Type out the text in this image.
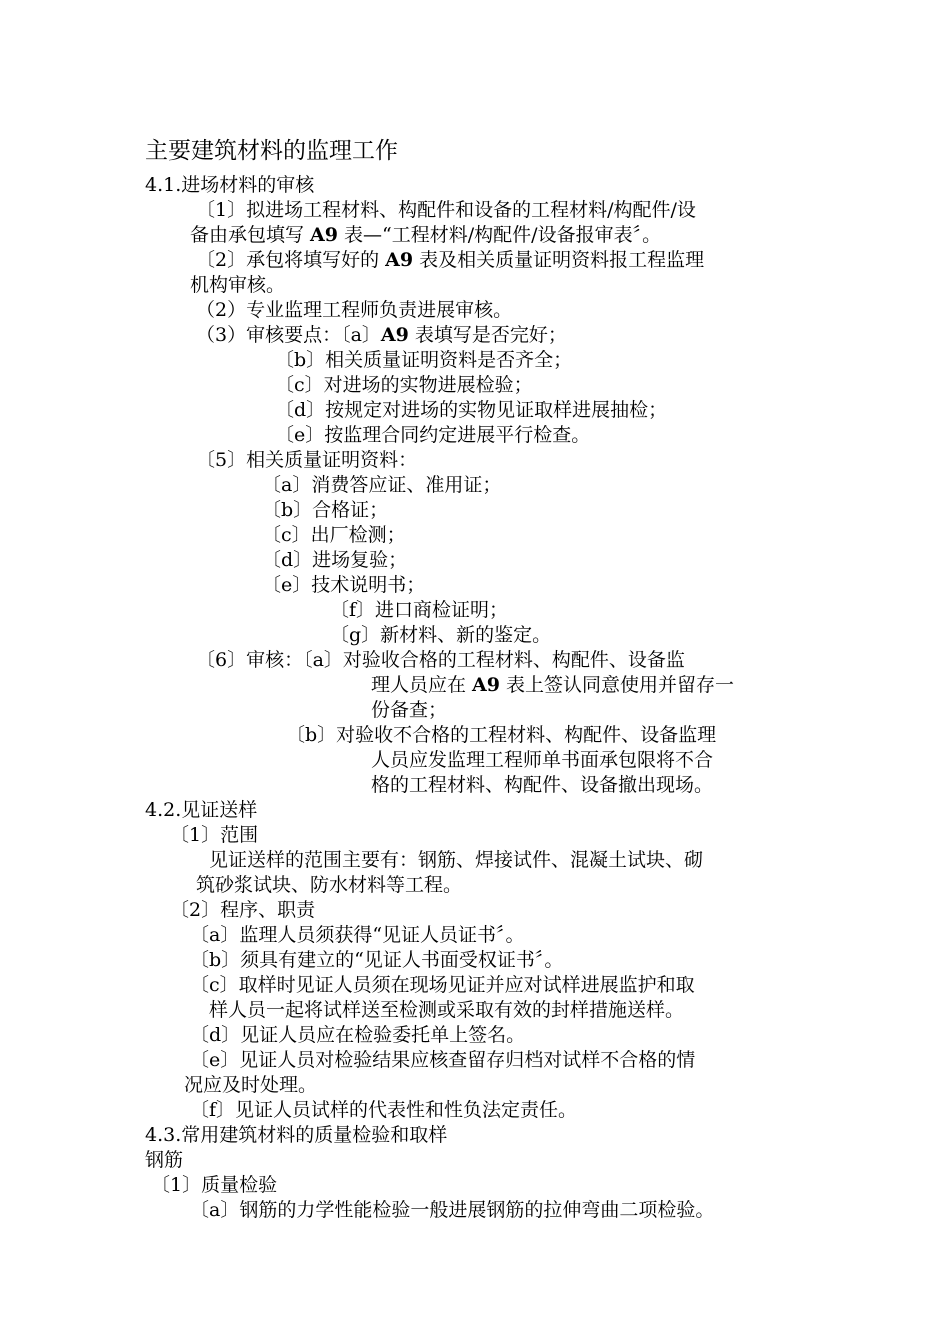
主要建筑材料的监理工作
4.1.进场材料的审核
〔1〕拟进场工程材料、构配件和设备的工程材料/构配件/设
备由承包填写 A9 表—“工程材料/构配件/设备报审表〞。
〔2〕承包将填写好的 A9 表及相关质量证明资料报工程监理
机构审核。
（2）专业监理工程师负责进展审核。
（3）审核要点：〔a〕A9 表填写是否完好；
〔b〕相关质量证明资料是否齐全；
〔c〕对进场的实物进展检验；
〔d〕按规定对进场的实物见证取样进展抽检；
〔e〕按监理合同约定进展平行检查。
〔5〕相关质量证明资料：
〔a〕消费答应证、准用证；
〔b〕合格证；
〔c〕出厂检测；
〔d〕进场复验；
〔e〕技术说明书；
〔f〕进口商检证明；
〔g〕新材料、新的鉴定。
〔6〕审核：〔a〕对验收合格的工程材料、构配件、设备监
理人员应在 A9 表上签认同意使用并留存一
份备查；
〔b〕对验收不合格的工程材料、构配件、设备监理
人员应发监理工程师单书面承包限将不合
格的工程材料、构配件、设备撤出现场。
4.2.见证送样
〔1〕范围
见证送样的范围主要有：钢筋、焊接试件、混凝土试块、砌
筑砂浆试块、防水材料等工程。
〔2〕程序、职责
〔a〕监理人员须获得“见证人员证书〞。
〔b〕须具有建立的“见证人书面受权证书〞。
〔c〕取样时见证人员须在现场见证并应对试样进展监护和取
样人员一起将试样送至检测或采取有效的封样措施送样。
〔d〕见证人员应在检验委托单上签名。
〔e〕见证人员对检验结果应核查留存归档对试样不合格的情
况应及时处理。
〔f〕见证人员试样的代表性和性负法定责任。
4.3.常用建筑材料的质量检验和取样
钢筋
〔1〕质量检验
〔a〕钢筋的力学性能检验一般进展钢筋的拉伸弯曲二项检验。
